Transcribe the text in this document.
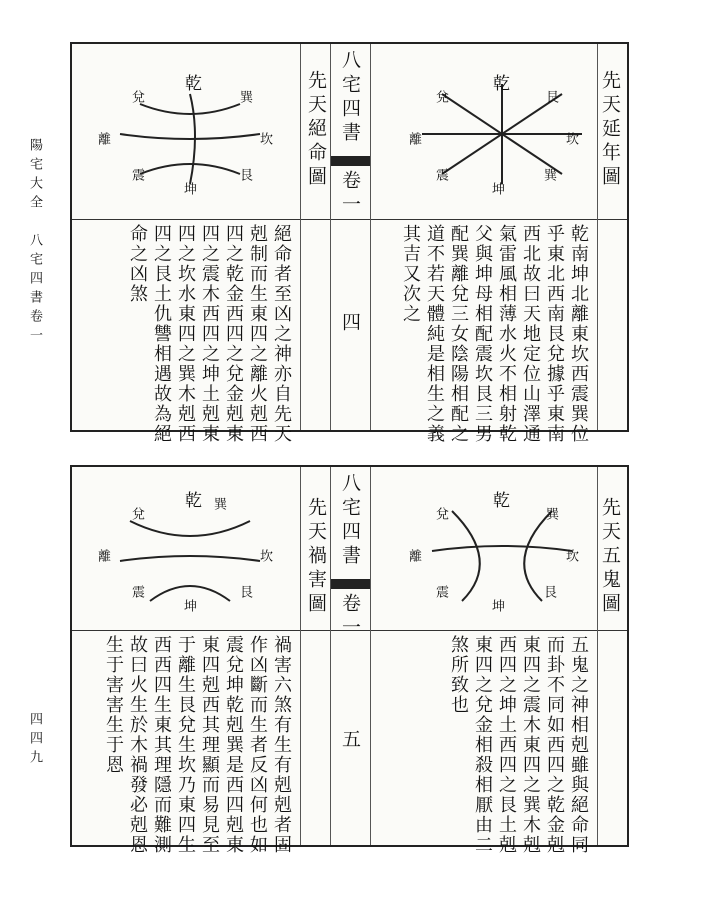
陽宅大全　八宅四書卷一
四四九
先天延年圖
乾
兌
離
震
坤
艮
坎
巽
乾南坤北離東坎西震巽位
乎東北西南艮兌據乎東南
西北故曰天地定位山澤通
氣雷風相薄水火不相射乾
父與坤母相配震坎艮三男
配巽離兌三女陰陽相配之
道不若天體純是相生之義
其吉又次之
八宅四書
卷一
四
先天絕命圖
乾
兌
離
震
坤
巽
坎
艮
絕命者至凶之神亦自先天
剋制而生東四之離火剋西
四之乾金西四之兌金剋東
四之震木西四之坤土剋東
四之坎水東四之巽木剋西
四之艮土仇讐相遇故為絕
命之凶煞
先天五鬼圖
乾
兌
離
震
坤
巽
坎
艮
五鬼之神相剋雖與絕命同
而卦不同如西四之乾金剋
東四之震木東四之巽木剋
西四之坤土西四之艮土剋
東四之兌金相殺相厭由二
煞所致也
八宅四書
卷一
五
先天禍害圖
乾
兌
離
震
坤
巽
坎
艮
禍害六煞有生有剋剋者固
作凶斷而生者反凶何也如
震兌坤乾剋巽是西四剋東
東四剋西其理顯而易見至
于離生艮兌生坎乃東四生
西西四生東其理隱而難測
故曰火生於木禍發必剋恩
生于害害生于恩
